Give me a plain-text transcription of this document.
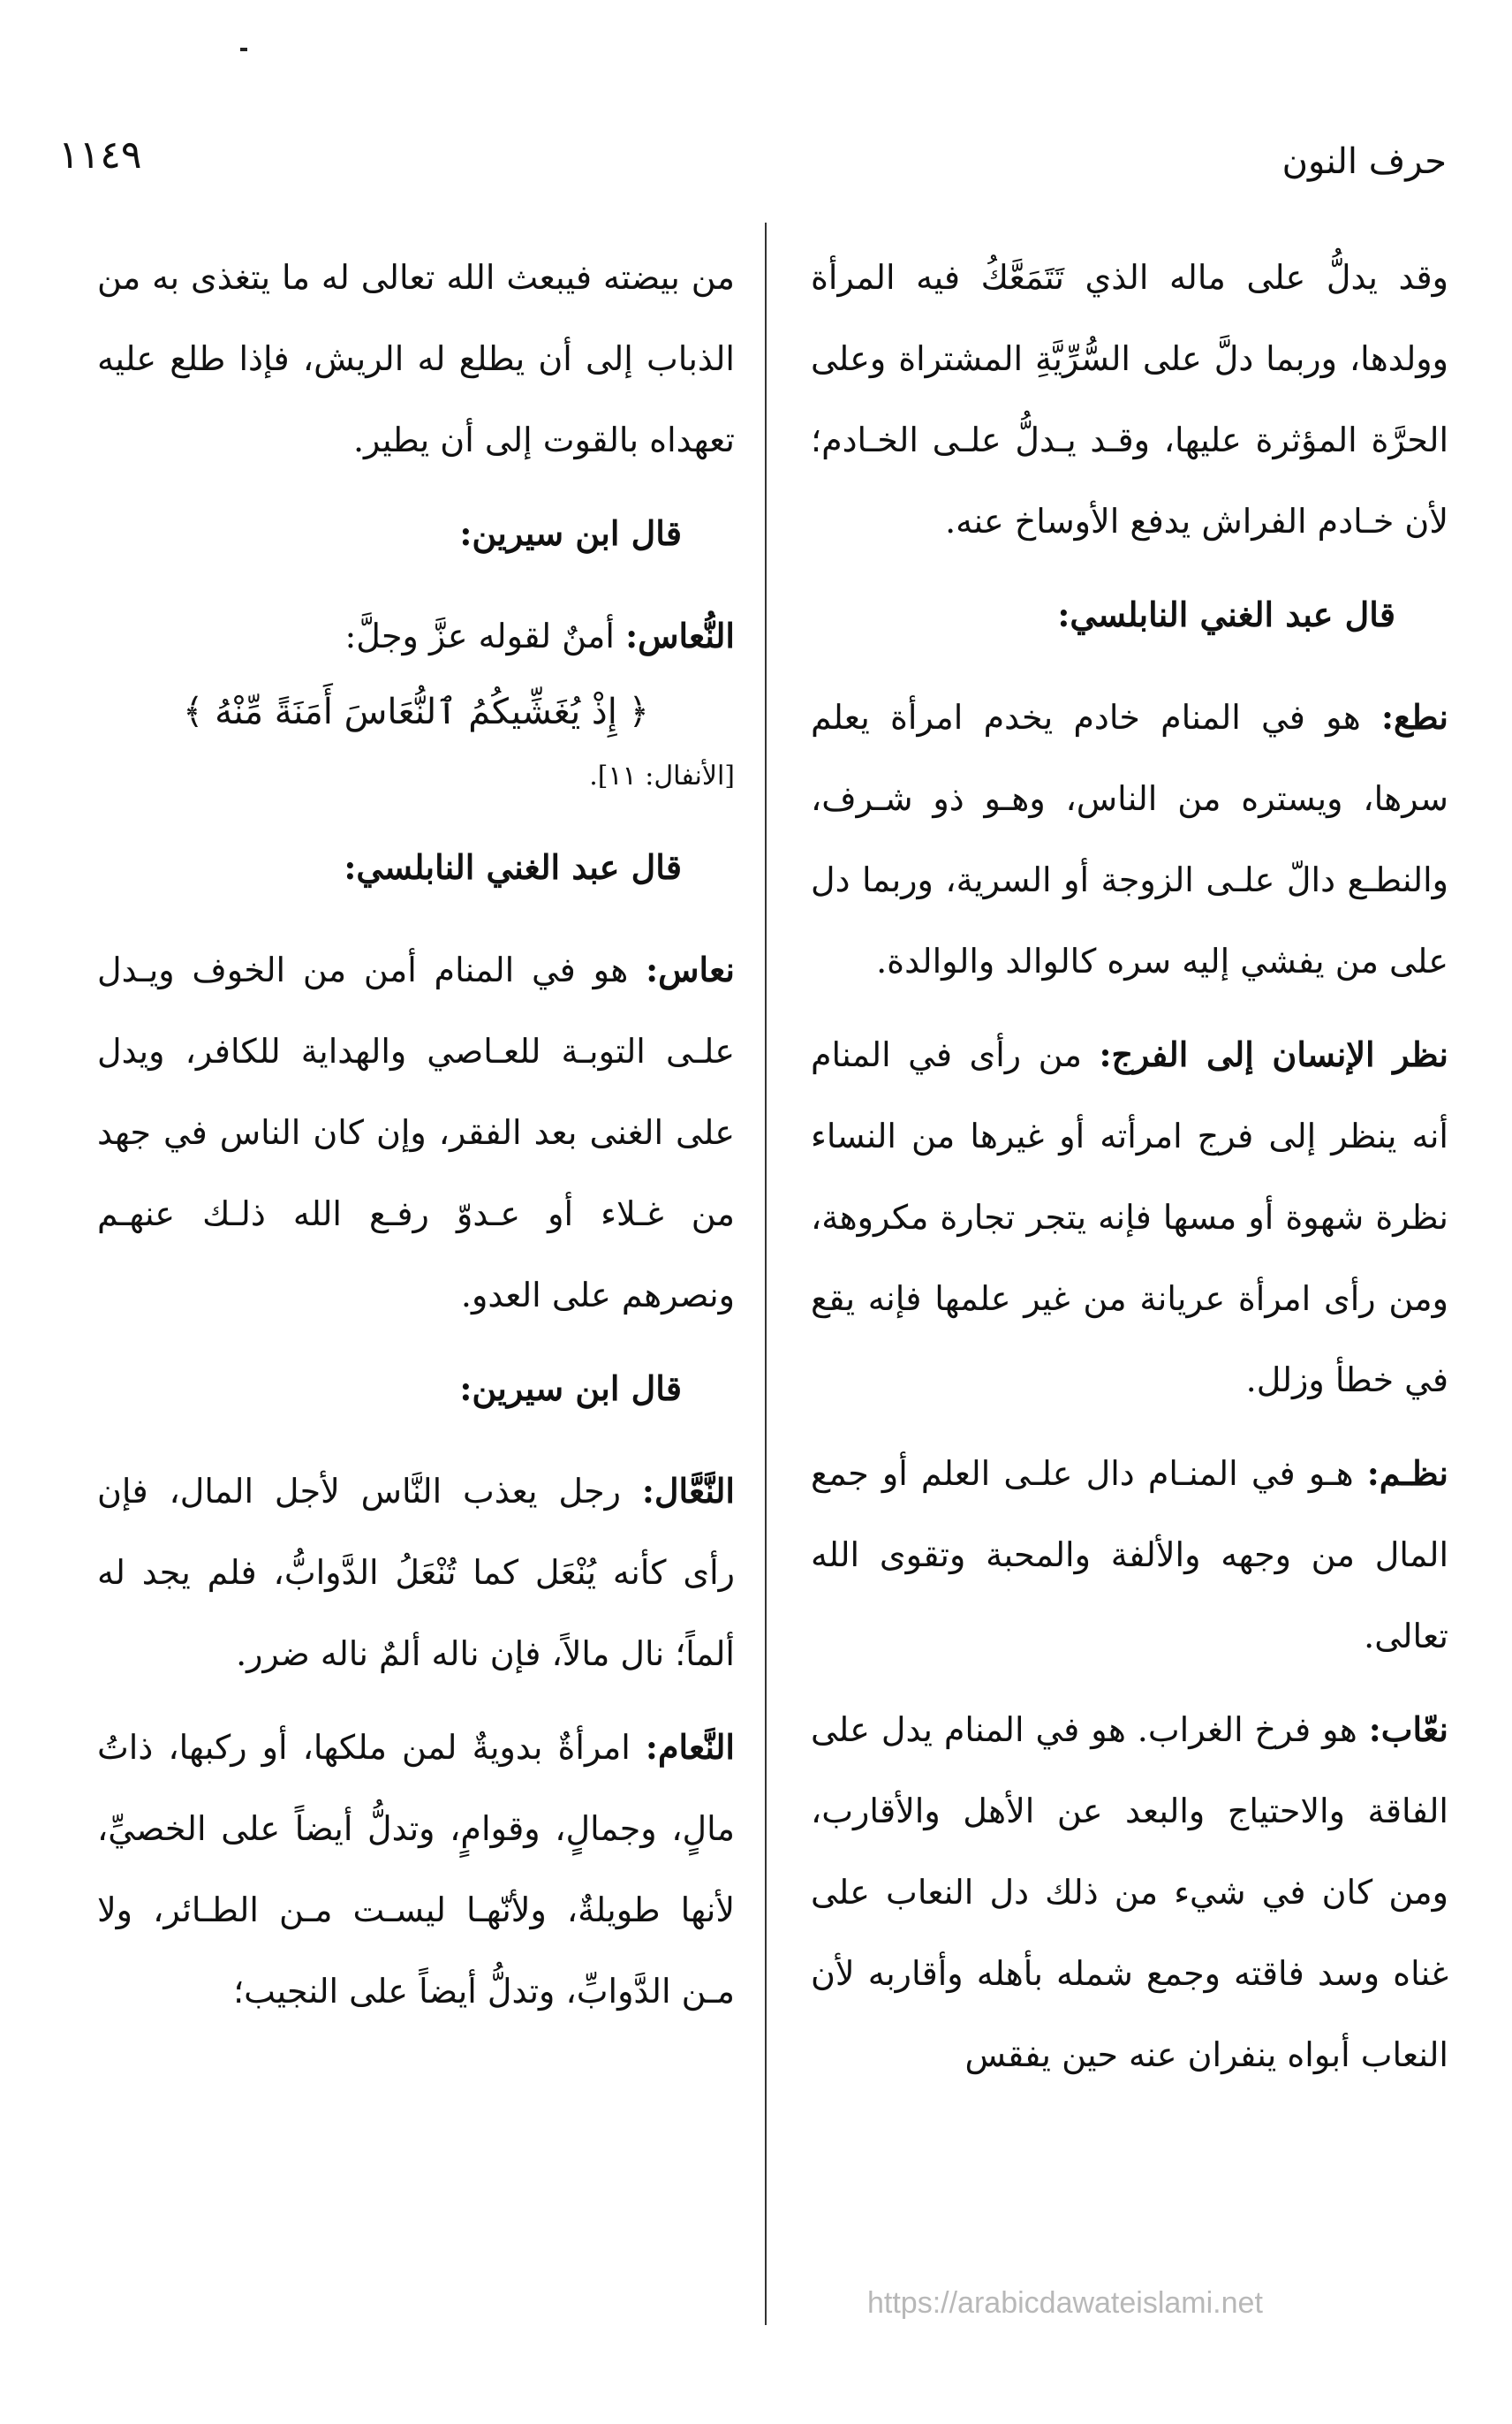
١١٤٩	حرف النون

وقد يدلُّ على ماله الذي تَتَمَعَّكُ فيه المرأة وولدها، وربما دلَّ على السُّرِّيَّةِ المشتراة وعلى الحرَّة المؤثرة عليها، وقـد يـدلُّ علـى الخـادم؛ لأن خـادم الفراش يدفع الأوساخ عنه.

قال عبد الغني النابلسي:

نطع: هو في المنام خادم يخدم امرأة يعلم سرها، ويستره من الناس، وهـو ذو شـرف، والنطـع دالّ علـى الزوجة أو السرية، وربما دل على من يفشي إليه سره كالوالد والوالدة.

نظر الإنسان إلى الفرج: من رأى في المنام أنه ينظر إلى فرج امرأته أو غيرها من النساء نظرة شهوة أو مسها فإنه يتجر تجارة مكروهة، ومن رأى امرأة عريانة من غير علمها فإنه يقع في خطأ وزلل.

نظـم: هـو في المنـام دال علـى العلم أو جمع المال من وجهه والألفة والمحبة وتقوى الله تعالى.

نعّاب: هو فرخ الغراب. هو في المنام يدل على الفاقة والاحتياج والبعد عن الأهل والأقارب، ومن كان في شيء من ذلك دل النعاب على غناه وسد فاقته وجمع شمله بأهله وأقاربه لأن النعاب أبواه ينفران عنه حين يفقس

من بيضته فيبعث الله تعالى له ما يتغذى به من الذباب إلى أن يطلع له الريش، فإذا طلع عليه تعهداه بالقوت إلى أن يطير.

قال ابن سيرين:

النُّعاس: أمنٌ لقوله عزَّ وجلَّ:

﴿ إِذْ يُغَشِّيكُمُ ٱلنُّعَاسَ أَمَنَةً مِّنْهُ ﴾

[الأنفال: ١١].

قال عبد الغني النابلسي:

نعاس: هو في المنام أمن من الخوف ويـدل علـى التوبـة للعـاصي والهداية للكافر، ويدل على الغنى بعد الفقر، وإن كان الناس في جهد من غـلاء أو عـدوّ رفـع الله ذلـك عنهـم ونصرهم على العدو.

قال ابن سيرين:

النَّعَّال: رجل يعذب النَّاس لأجل المال، فإن رأى كأنه يُنْعَل كما تُنْعَلُ الدَّوابُّ، فلم يجد له ألماً؛ نال مالاً، فإن ناله ألمٌ ناله ضرر.

النَّعام: امرأةٌ بدويةٌ لمن ملكها، أو ركبها، ذاتُ مالٍ، وجمالٍ، وقوامٍ، وتدلُّ أيضاً على الخصيِّ، لأنها طويلةٌ، ولأنّهـا ليسـت مـن الطـائر، ولا مـن الدَّوابِّ، وتدلُّ أيضاً على النجيب؛

https://arabicdawateislami.net
